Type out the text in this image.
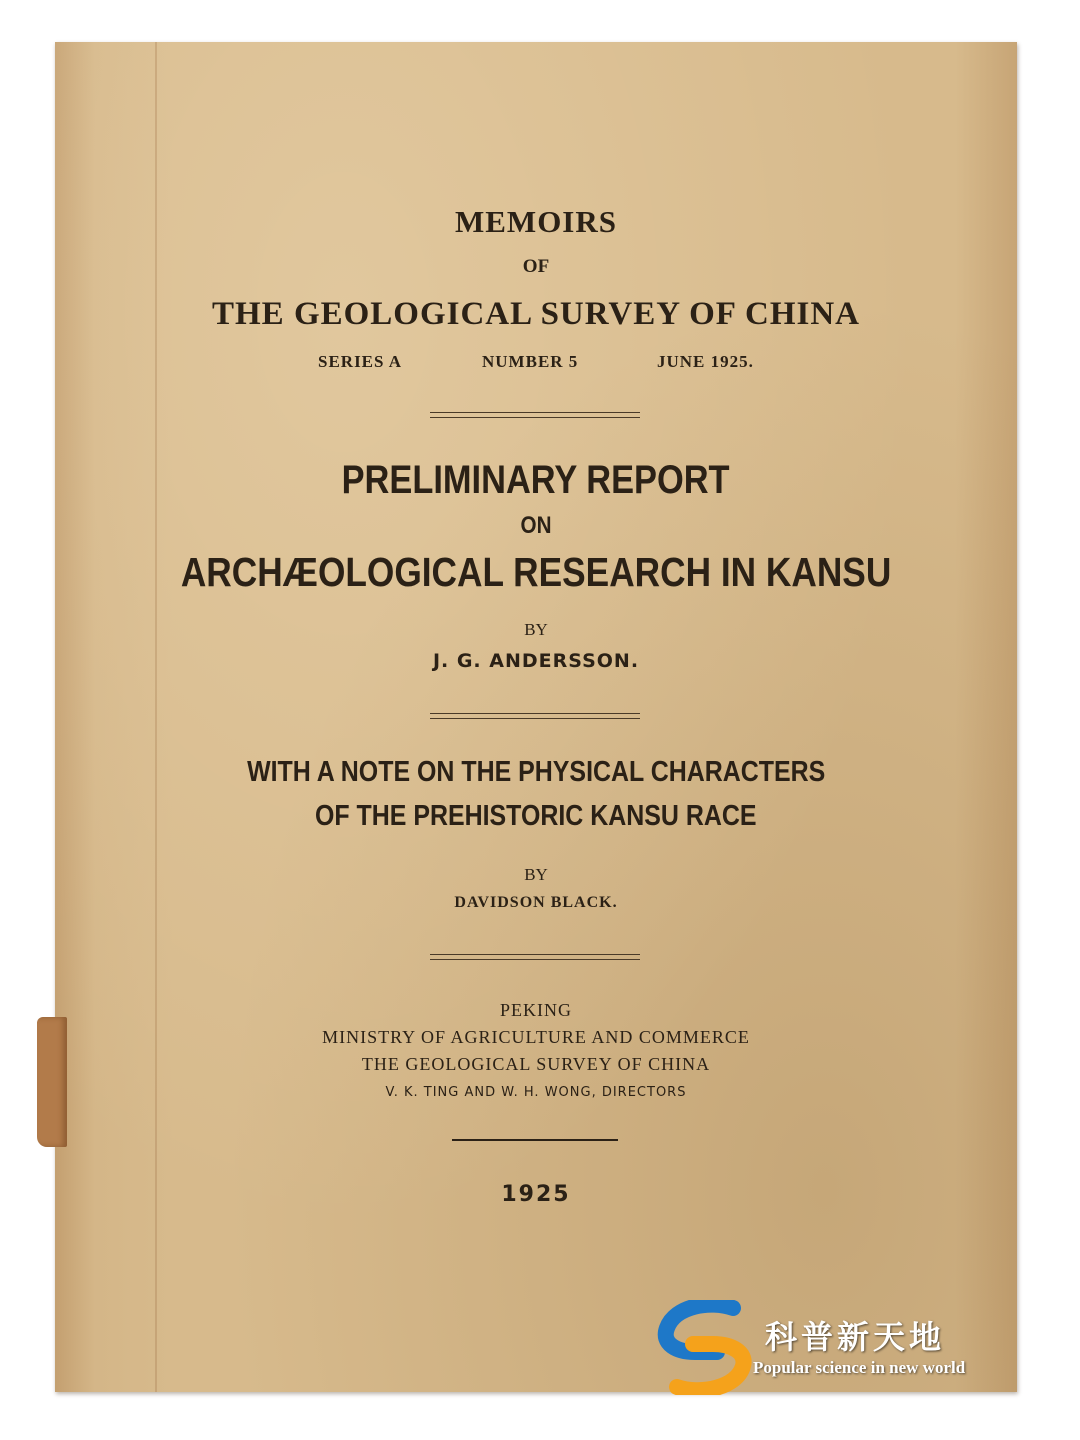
MEMOIRS
OF
THE GEOLOGICAL SURVEY OF CHINA
SERIES A	NUMBER 5	JUNE 1925.
PRELIMINARY REPORT
ON
ARCHÆOLOGICAL RESEARCH IN KANSU
BY
J. G. ANDERSSON.
WITH A NOTE ON THE PHYSICAL CHARACTERS
OF THE PREHISTORIC KANSU RACE
BY
DAVIDSON BLACK.
PEKING
MINISTRY OF AGRICULTURE AND COMMERCE
THE GEOLOGICAL SURVEY OF CHINA
V. K. TING AND W. H. WONG, DIRECTORS
1925
科普新天地
Popular science in new world
